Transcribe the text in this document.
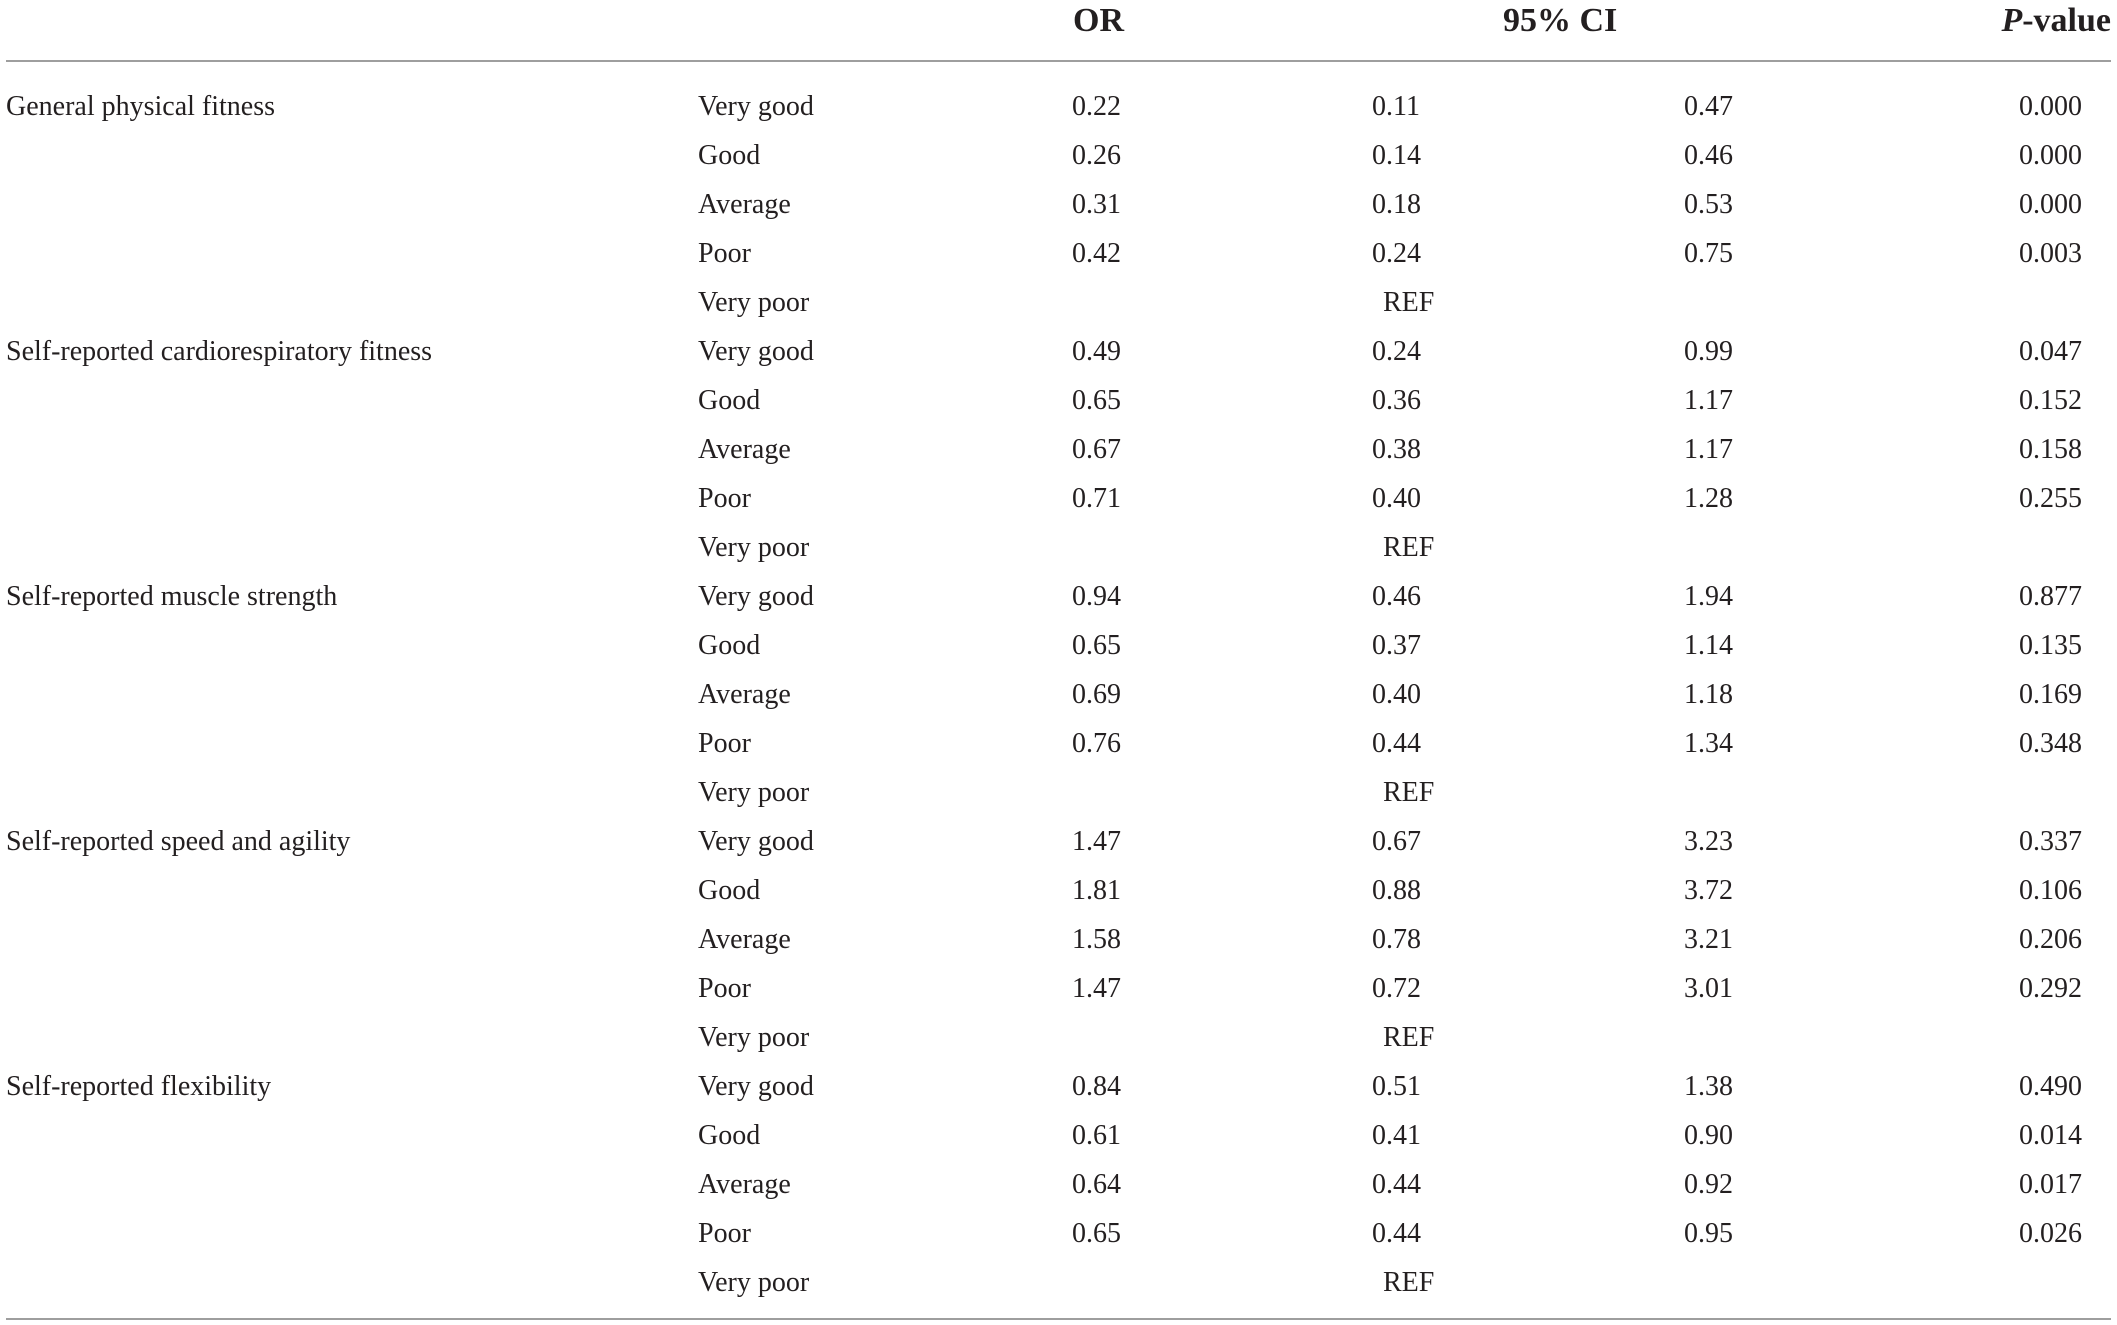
OR	95% CI	P-value
General physical fitness	Very good	0.22	0.11	0.47	0.000
Good	0.26	0.14	0.46	0.000
Average	0.31	0.18	0.53	0.000
Poor	0.42	0.24	0.75	0.003
Very poor	REF
Self-reported cardiorespiratory fitness	Very good	0.49	0.24	0.99	0.047
Good	0.65	0.36	1.17	0.152
Average	0.67	0.38	1.17	0.158
Poor	0.71	0.40	1.28	0.255
Very poor	REF
Self-reported muscle strength	Very good	0.94	0.46	1.94	0.877
Good	0.65	0.37	1.14	0.135
Average	0.69	0.40	1.18	0.169
Poor	0.76	0.44	1.34	0.348
Very poor	REF
Self-reported speed and agility	Very good	1.47	0.67	3.23	0.337
Good	1.81	0.88	3.72	0.106
Average	1.58	0.78	3.21	0.206
Poor	1.47	0.72	3.01	0.292
Very poor	REF
Self-reported flexibility	Very good	0.84	0.51	1.38	0.490
Good	0.61	0.41	0.90	0.014
Average	0.64	0.44	0.92	0.017
Poor	0.65	0.44	0.95	0.026
Very poor	REF
